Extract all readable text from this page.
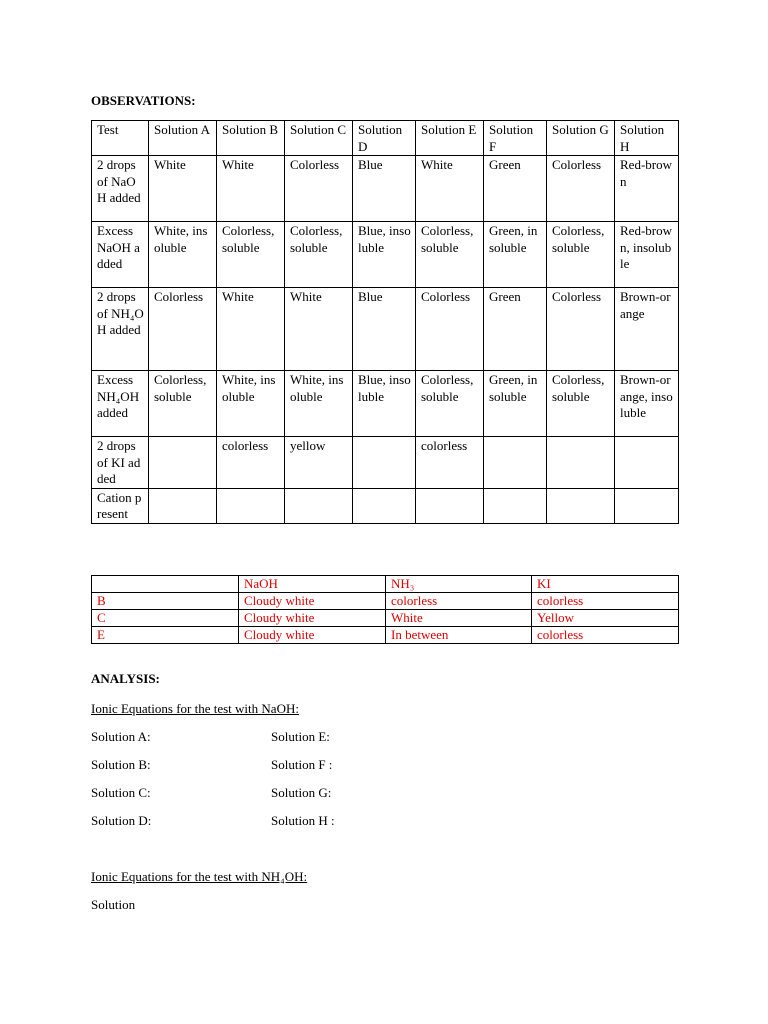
OBSERVATIONS:
Test	Solution A	Solution B	Solution C	Solution D	Solution E	Solution F	Solution G	Solution H
2 drops of NaOH added	White	White	Colorless	Blue	White	Green	Colorless	Red-brown
Excess NaOH added	White, insoluble	Colorless, soluble	Colorless, soluble	Blue, insoluble	Colorless, soluble	Green, insoluble	Colorless, soluble	Red-brown, insoluble
2 drops of NH₄OH added	Colorless	White	White	Blue	Colorless	Green	Colorless	Brown-orange
Excess NH₄OH added	Colorless, soluble	White, insoluble	White, insoluble	Blue, insoluble	Colorless, soluble	Green, insoluble	Colorless, soluble	Brown-orange, insoluble
2 drops of KI added		colorless	yellow		colorless			
Cation present								
	NaOH	NH₃	KI
B	Cloudy white	colorless	colorless
C	Cloudy white	White	Yellow
E	Cloudy white	In between	colorless
ANALYSIS:
Ionic Equations for the test with NaOH:
Solution A:
Solution B:
Solution C:
Solution D:
Solution E:
Solution F :
Solution G:
Solution H :
Ionic Equations for the test with NH₄OH:
Solution
